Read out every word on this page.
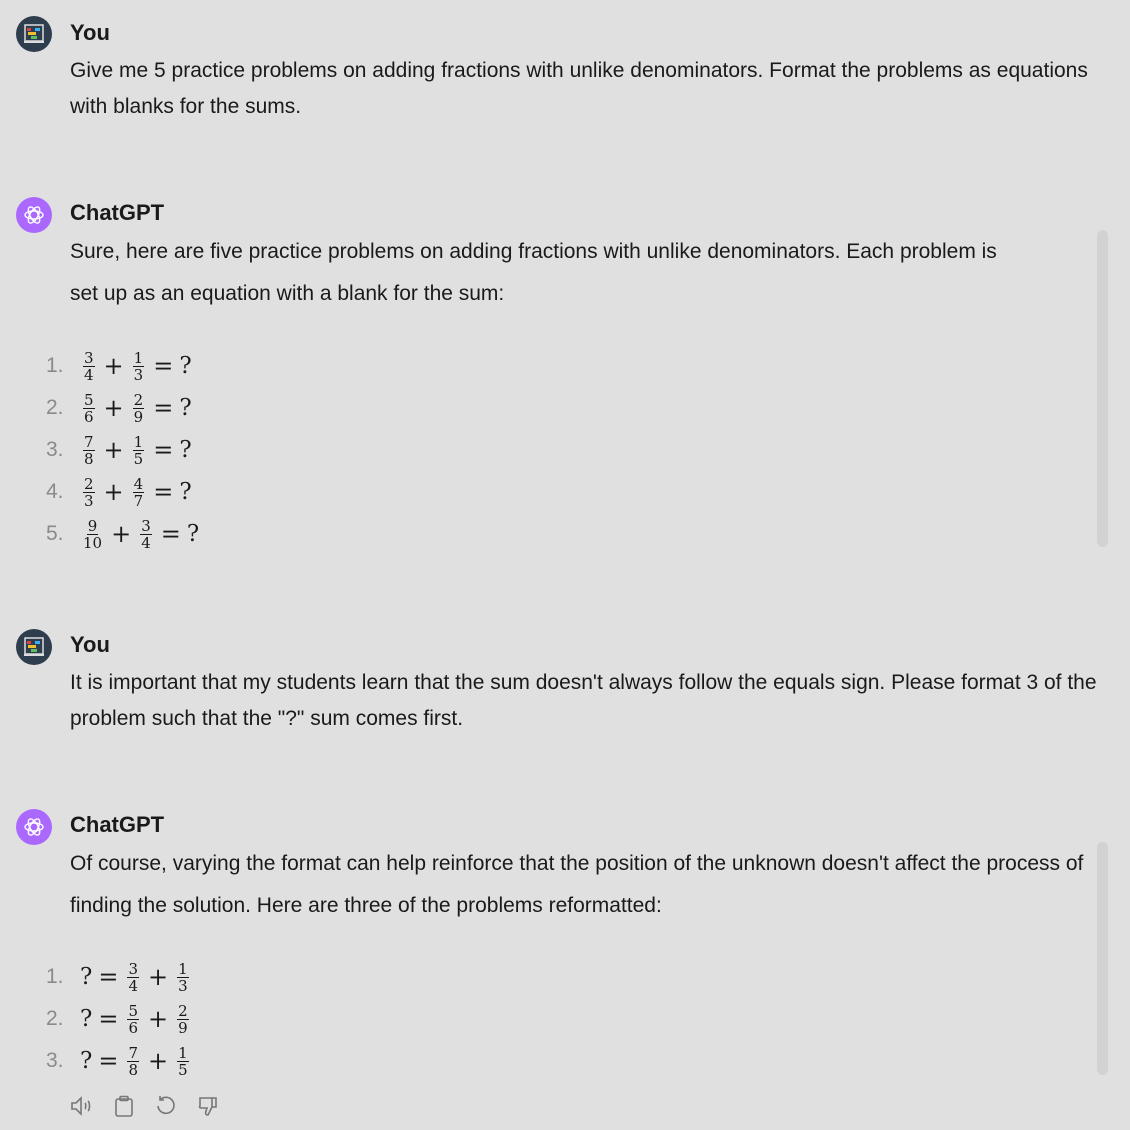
You
Give me 5 practice problems on adding fractions with unlike denominators. Format the problems as equations with blanks for the sums.
ChatGPT
Sure, here are five practice problems on adding fractions with unlike denominators. Each problem is set up as an equation with a blank for the sum:
1.	$\frac{3}{4} + \frac{1}{3}$ = ?
2.	$\frac{5}{6} + \frac{2}{9}$ = ?
3.	$\frac{7}{8} + \frac{1}{5}$ = ?
4.	$\frac{2}{3} + \frac{4}{7}$ = ?
5.	$\frac{9}{10} + \frac{3}{4}$ = ?
You
It is important that my students learn that the sum doesn't always follow the equals sign. Please format 3 of the problem such that the "?" sum comes first.
ChatGPT
Of course, varying the format can help reinforce that the position of the unknown doesn't affect the process of finding the solution. Here are three of the problems reformatted:
1. ? = $\frac{3}{4} + \frac{1}{3}$
2. ? = $\frac{5}{6} + \frac{2}{9}$
3. ? = $\frac{7}{8} + \frac{1}{5}$
